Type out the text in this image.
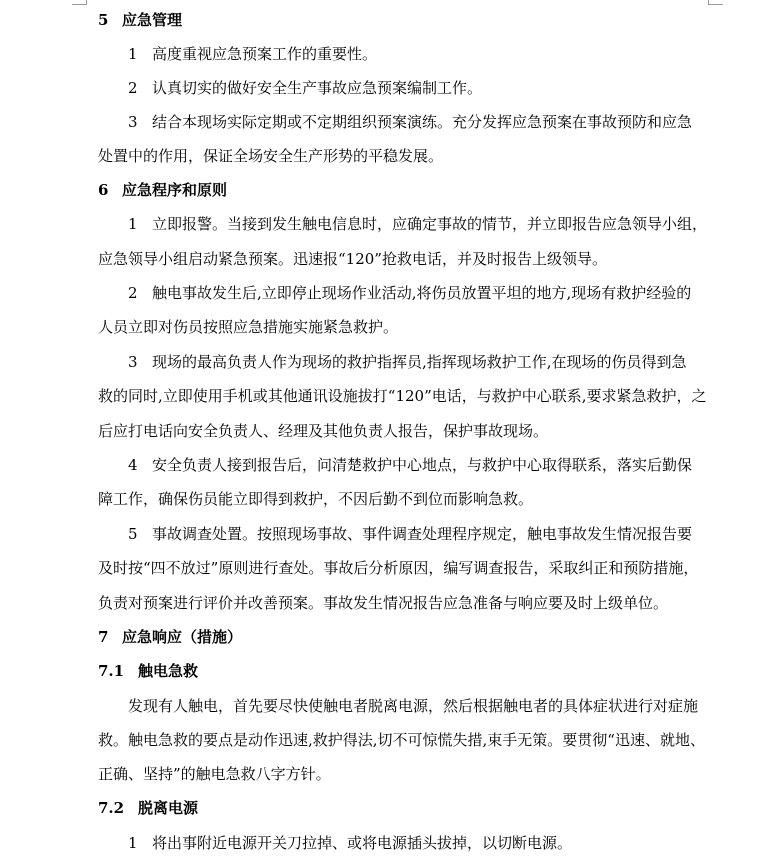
5 应急管理
1 高度重视应急预案工作的重要性。
2 认真切实的做好安全生产事故应急预案编制工作。
3 结合本现场实际定期或不定期组织预案演练。充分发挥应急预案在事故预防和应急
处置中的作用，保证全场安全生产形势的平稳发展。
6 应急程序和原则
1 立即报警。当接到发生触电信息时，应确定事故的情节，并立即报告应急领导小组，
应急领导小组启动紧急预案。迅速报“120”抢救电话，并及时报告上级领导。
2 触电事故发生后,立即停止现场作业活动,将伤员放置平坦的地方,现场有救护经验的
人员立即对伤员按照应急措施实施紧急救护。
3 现场的最高负责人作为现场的救护指挥员,指挥现场救护工作,在现场的伤员得到急
救的同时,立即使用手机或其他通讯设施拔打“120”电话，与救护中心联系,要求紧急救护，之
后应打电话向安全负责人、经理及其他负责人报告，保护事故现场。
4 安全负责人接到报告后，问清楚救护中心地点，与救护中心取得联系，落实后勤保
障工作，确保伤员能立即得到救护，不因后勤不到位而影响急救。
5 事故调查处置。按照现场事故、事件调查处理程序规定，触电事故发生情况报告要
及时按“四不放过”原则进行查处。事故后分析原因，编写调查报告，采取纠正和预防措施，
负责对预案进行评价并改善预案。事故发生情况报告应急准备与响应要及时上级单位。
7 应急响应（措施）
7.1 触电急救
发现有人触电，首先要尽快使触电者脱离电源，然后根据触电者的具体症状进行对症施
救。触电急救的要点是动作迅速,救护得法,切不可惊慌失措,束手无策。要贯彻“迅速、就地、
正确、坚持”的触电急救八字方针。
7.2 脱离电源
1 将出事附近电源开关刀拉掉、或将电源插头拔掉，以切断电源。
